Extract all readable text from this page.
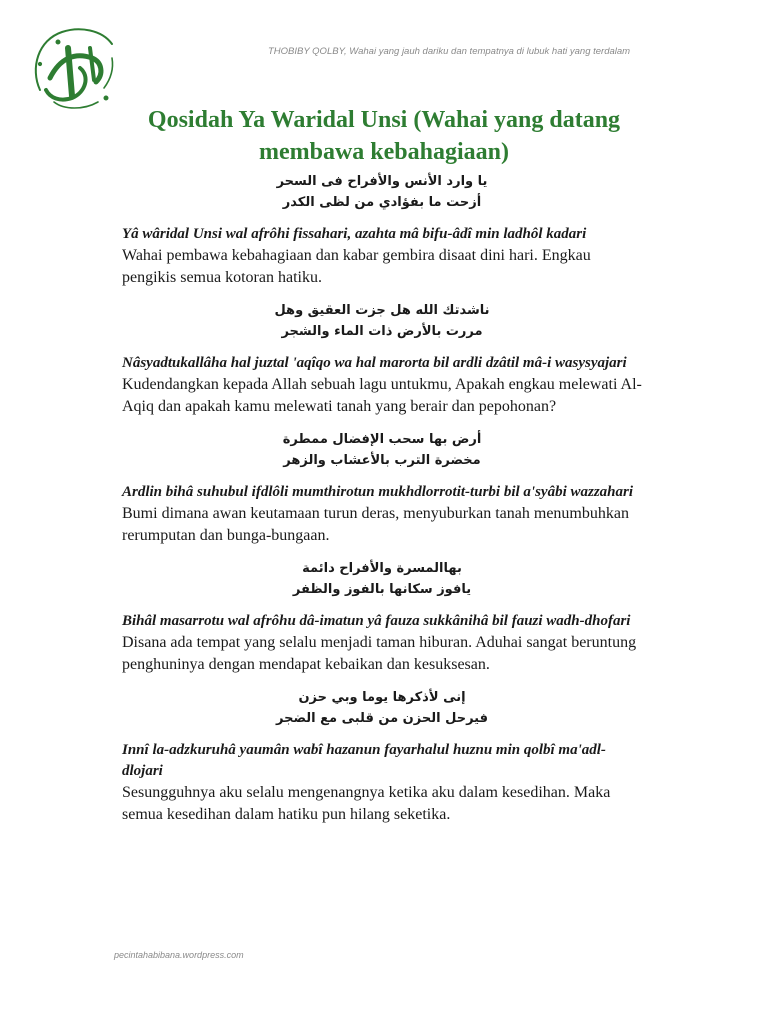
THOBIBY QOLBY, Wahai yang jauh dariku dan tempatnya di lubuk hati yang terdalam
Qosidah Ya Waridal Unsi (Wahai yang datang membawa kebahagiaan)
يا وارد الأنس والأفراح فى السحر
أزحت ما بفؤادي من لظى الكدر
Yâ wâridal Unsi wal afrôhi fissahari, azahta mâ bifu-âdî min ladhôl kadari
Wahai pembawa kebahagiaan dan kabar gembira disaat dini hari. Engkau pengikis semua kotoran hatiku.
ناشدتك الله هل جزت العقيق وهل
مررت بالأرض ذات الماء والشجر
Nâsyadtukallâha hal juztal 'aqîqo wa hal marorta bil ardli dzâtil mâ-i wasysyajari
Kudendangkan kepada Allah sebuah lagu untukmu, Apakah engkau melewati Al-Aqiq dan apakah kamu melewati tanah yang berair dan pepohonan?
أرض بها سحب الإفضال ممطرة
مخضرة الترب بالأعشاب والزهر
Ardlin bihâ suhubul ifdlôli mumthirotun mukhdlorrotit-turbi bil a'syâbi wazzahari
Bumi dimana awan keutamaan turun deras, menyuburkan tanah menumbuhkan rerumputan dan bunga-bungaan.
بهاالمسرة والأفراح دائمة
يافوز سكانها بالفوز والظفر
Bihâl masarrotu wal afrôhu dâ-imatun yâ fauza sukkânihâ bil fauzi wadh-dhofari
Disana ada tempat yang selalu menjadi taman hiburan. Aduhai sangat beruntung penghuninya dengan mendapat kebaikan dan kesuksesan.
إنى لأذكرها يوما وبي حزن
فيرحل الحزن من قلبى مع الضجر
Innî la-adzkuruhâ yaumân wabî hazanun fayarhalul huznu min qolbî ma'adl-dlojari
Sesungguhnya aku selalu mengenangnya ketika aku dalam kesedihan. Maka semua kesedihan dalam hatiku pun hilang seketika.
pecintahabibana.wordpress.com
